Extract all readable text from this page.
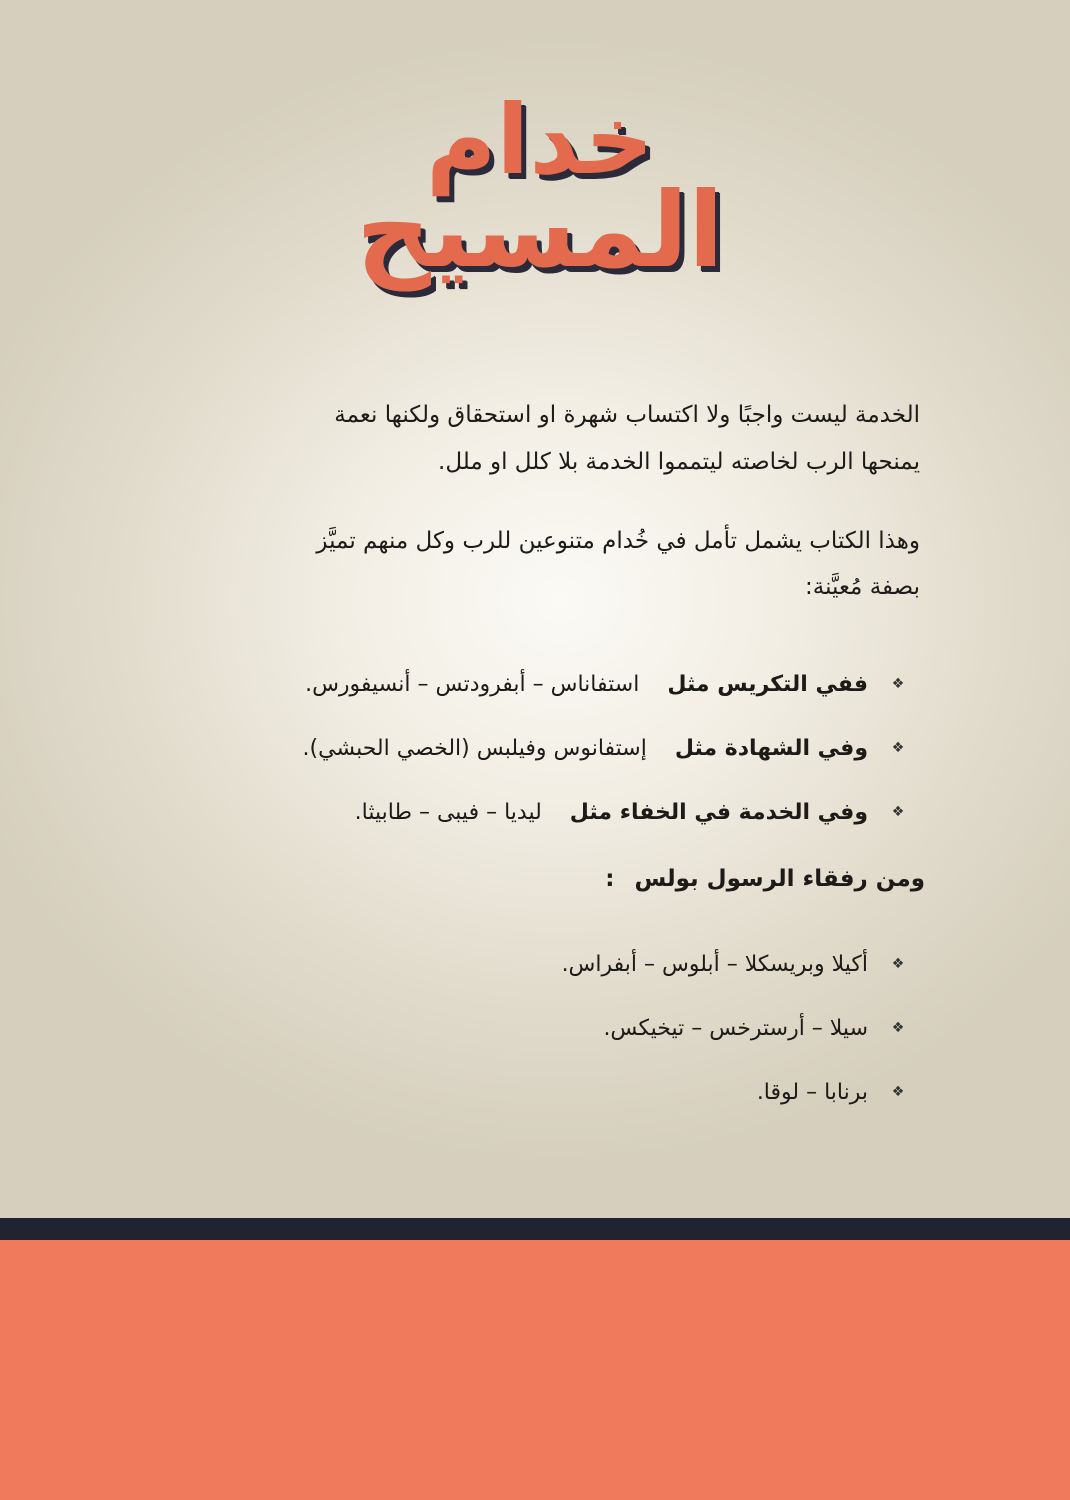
خدام
المسيح
الخدمة ليست واجبًا ولا اكتساب شهرة او استحقاق ولكنها نعمة
يمنحها الرب لخاصته ليتمموا الخدمة بلا كلل او ملل.
وهذا الكتاب يشمل تأمل في خُدام متنوعين للرب وكل منهم تميَّز
بصفة مُعيَّنة:
❖
ففي التكريس مثل
استفاناس – أبفرودتس – أنسيفورس.
❖
وفي الشهادة مثل
إستفانوس وفيلبس (الخصي الحبشي).
❖
وفي الخدمة في الخفاء مثل
ليديا – فيبى – طابيثا.
ومن رفقاء الرسول بولس:
❖
أكيلا وبريسكلا – أبلوس – أبفراس.
❖
سيلا – أرسترخس – تيخيكس.
❖
برنابا – لوقا.
